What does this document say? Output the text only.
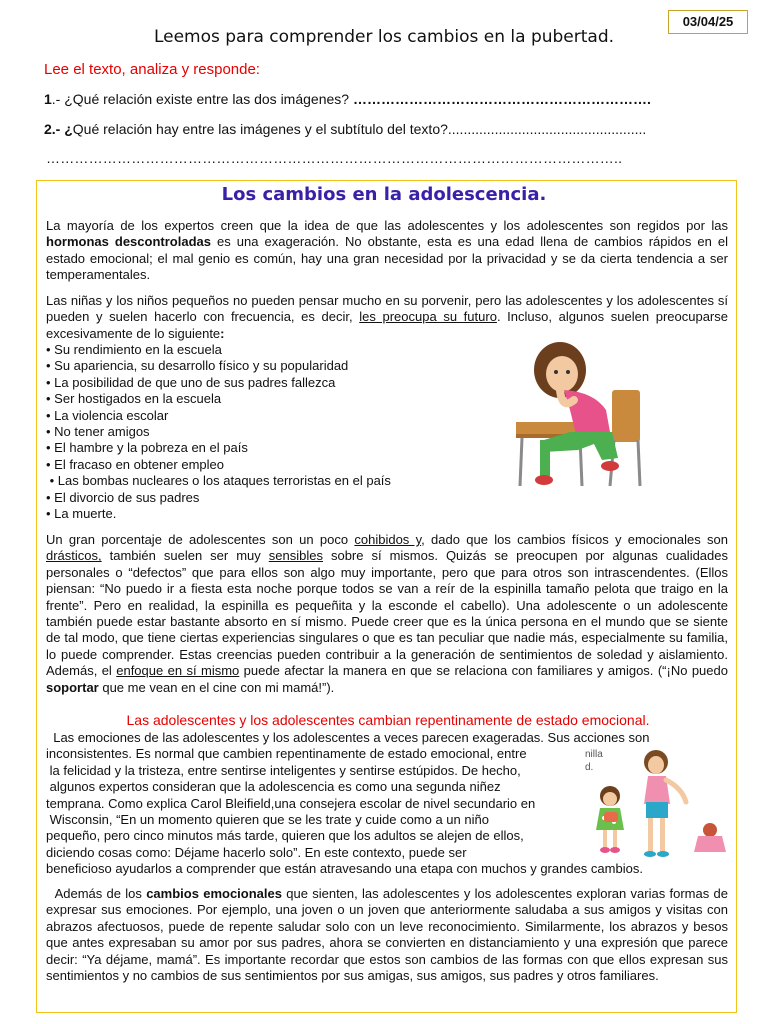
03/04/25
Leemos para comprender los cambios en la pubertad.
Lee el texto, analiza y responde:
1.- ¿Qué relación existe entre las dos imágenes? ……………………………………………………….
2.- ¿Qué relación hay entre las imágenes y el subtítulo del texto?...................................................
…………………………………………………………………………………………………………..
Los cambios en la adolescencia.
La mayoría de los expertos creen que la idea de que las adolescentes y los adolescentes son regidos por las hormonas descontroladas es una exageración. No obstante, esta es una edad llena de cambios rápidos en el estado emocional; el mal genio es común, hay una gran necesidad por la privacidad y se da cierta tendencia a ser temperamentales.
Las niñas y los niños pequeños no pueden pensar mucho en su porvenir, pero las adolescentes y los adolescentes sí pueden y suelen hacerlo con frecuencia, es decir, les preocupa su futuro. Incluso, algunos suelen preocuparse excesivamente de lo siguiente:
• Su rendimiento en la escuela
• Su apariencia, su desarrollo físico y su popularidad
• La posibilidad de que uno de sus padres fallezca
• Ser hostigados en la escuela
• La violencia escolar
• No tener amigos
• El hambre y la pobreza en el país
• El fracaso en obtener empleo
• Las bombas nucleares o los ataques terroristas en el país
• El divorcio de sus padres
• La muerte.
Un gran porcentaje de adolescentes son un poco cohibidos y, dado que los cambios físicos y emocionales son drásticos, también suelen ser muy sensibles sobre sí mismos. Quizás se preocupen por algunas cualidades personales o “defectos” que para ellos son algo muy importante, pero que para otros son intrascendentes. (Ellos piensan: “No puedo ir a fiesta esta noche porque todos se van a reír de la espinilla tamaño pelota que traigo en la frente”. Pero en realidad, la espinilla es pequeñita y la esconde el cabello). Una adolescente o un adolescente también puede estar bastante absorto en sí mismo. Puede creer que es la única persona en el mundo que se siente de tal modo, que tiene ciertas experiencias singulares o que es tan peculiar que nadie más, especialmente su familia, lo puede comprender. Estas creencias pueden contribuir a la generación de sentimientos de soledad y aislamiento. Además, el enfoque en sí mismo puede afectar la manera en que se relaciona con familiares y amigos. (“¡No puedo soportar que me vean en el cine con mi mamá!”).
Las adolescentes y los adolescentes cambian repentinamente de estado emocional.
Las emociones de las adolescentes y los adolescentes a veces parecen exageradas. Sus acciones son
inconsistentes. Es normal que cambien repentinamente de estado emocional, entre
la felicidad y la tristeza, entre sentirse inteligentes y sentirse estúpidos. De hecho,
algunos expertos consideran que la adolescencia es como una segunda niñez
temprana. Como explica Carol Bleifield,una consejera escolar de nivel secundario en
Wisconsin, “En un momento quieren que se les trate y cuide como a un niño
pequeño, pero cinco minutos más tarde, quieren que los adultos se alejen de ellos,
diciendo cosas como: Déjame hacerlo solo”. En este contexto, puede ser
beneficioso ayudarlos a comprender que están atravesando una etapa con muchos y grandes cambios.
nilla
d.
Además de los cambios emocionales que sienten, las adolescentes y los adolescentes exploran varias formas de expresar sus emociones. Por ejemplo, una joven o un joven que anteriormente saludaba a sus amigos y visitas con abrazos afectuosos, puede de repente saludar solo con un leve reconocimiento. Similarmente, los abrazos y besos que antes expresaban su amor por sus padres, ahora se convierten en distanciamiento y una expresión que parece decir: “Ya déjame, mamá”. Es importante recordar que estos son cambios de las formas con que ellos expresan sus sentimientos y no cambios de sus sentimientos por sus amigas, sus amigos, sus padres y otros familiares.
